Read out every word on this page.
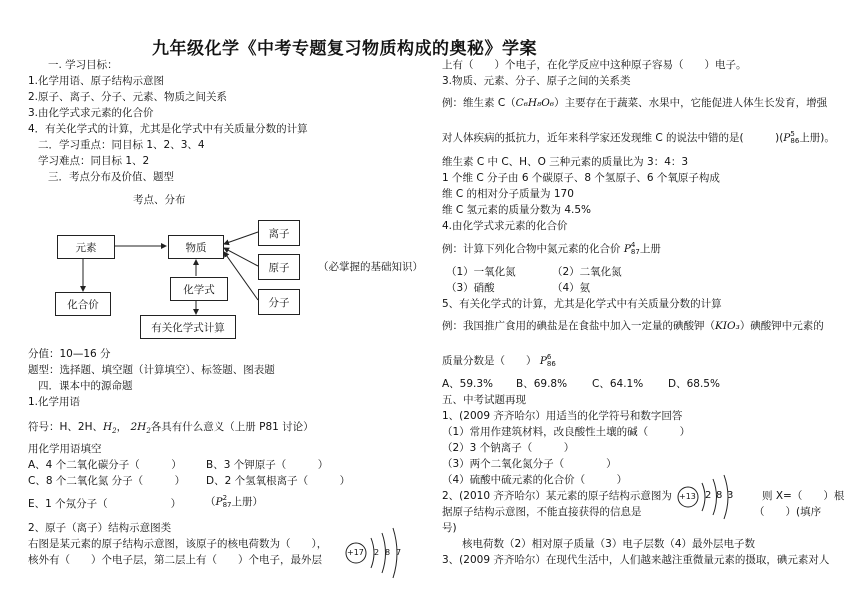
九年级化学《中考专题复习物质构成的奥秘》学案
一. 学习目标：
1.化学用语、原子结构示意图
2.原子、离子、分子、元素、物质之间关系
3.由化学式求元素的化合价
4．有关化学式的计算，尤其是化学式中有关质量分数的计算
二．学习重点：同目标 1、2、3、4
学习难点：同目标 1、2
三．考点分布及价值、题型
考点、分布
元素	物质
离子
原子
分子
化合价
化学式
有关化学式计算
（必掌握的基础知识）
分值：10—16 分
题型：选择题、填空题（计算填空）、标签题、图表题
四．课本中的源命题
1.化学用语
符号：H、2H、$H_2$， $2H_2$各具有什么意义（上册 P81 讨论）
用化学用语填空
A、4 个二氧化碳分子（　　　） B、3 个钾原子（　　　）
C、8 个二氧化氮 分子（　　　） D、2 个氢氧根离子（　　　）
E、1 个氖分子（　　　　　　） （P 2
87 上册）
2、原子（离子）结构示意图类
右图是某元素的原子结构示意图，该原子的核电荷数为（　　），
核外有（　　）个电子层，第二层上有（　　）个电子，最外层
+17 2 8 7
上有（　　）个电子，在化学反应中这种原子容易（　　）电子。
3.物质、元素、分子、原子之间的关系类
例：维生素 C（C₆H₈O₆）主要存在于蔬菜、水果中，它能促进人体生长发育，增强
对人体疾病的抵抗力，近年来科学家还发现维 C 的说法中错的是(　　　)(P 5
86 上册)。
维生素 C 中 C、H、O 三种元素的质量比为 3：4：3
1 个维 C 分子由 6 个碳原子、8 个氢原子、6 个氧原子构成
维 C 的相对分子质量为 170
维 C 氢元素的质量分数为 4.5%
4.由化学式求元素的化合价
例：计算下列化合物中氮元素的化合价 P 4
87 上册
（1）一氧化氮	（2）二氧化氮
（3）硝酸	（4）氨
5、有关化学式的计算，尤其是化学式中有关质量分数的计算
例：我国推广食用的碘盐是在食盐中加入一定量的碘酸钾（KIO₃）碘酸钾中元素的
质量分数是（　　） P 6
86
A、59.3% B、69.8% C、64.1% D、68.5%
五、中考试题再现
1、(2009 齐齐哈尔）用适当的化学符号和数字回答
（1）常用作建筑材料，改良酸性土壤的碱（　　　）
（2）3 个钠离子（　　　）
（3）两个二氧化氮分子（　　　　）
（4）硫酸中硫元素的化合价（　　　）
2、(2010 齐齐哈尔）某元素的原子结构示意图为 +13 2 8 3	则 X=（　　）根
据原子结构示意图，不能直接获得的信息是	（　　）(填序
号)
核电荷数（2）相对原子质量（3）电子层数（4）最外层电子数
3、(2009 齐齐哈尔）在现代生活中，人们越来越注重微量元素的摄取，碘元素对人
